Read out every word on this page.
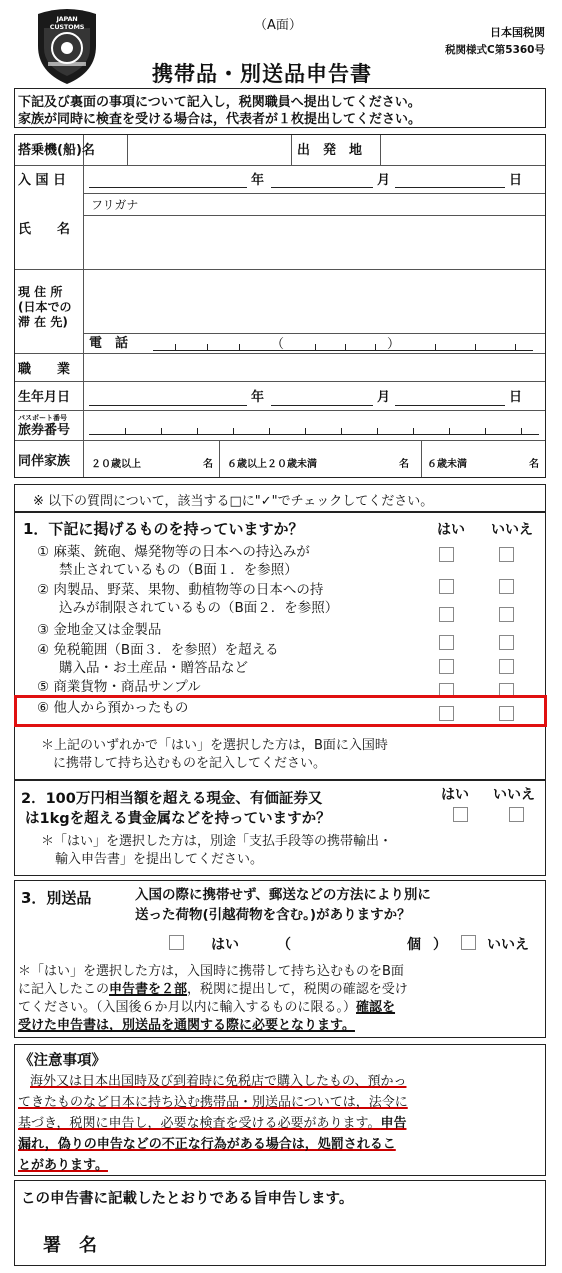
JAPAN CUSTOMS	（A面）	日本国税関
税関様式C第5360号
携帯品・別送品申告書
下記及び裏面の事項について記入し，税関職員へ提出してください。
家族が同時に検査を受ける場合は，代表者が１枚提出してください。
搭乗機(船)名	出　発　地
入 国 日	年	月	日
フリガナ
氏　　名
現 住 所
(日本での
滞 在 先)
電　話	（	）
職　　業
生年月日	年	月	日
パスポート番号
旅券番号
同伴家族 ２０歳以上	名 ６歳以上２０歳未満	名 ６歳未満	名
※ 以下の質問について，該当する□に"✓"でチェックしてください。
1．下記に掲げるものを持っていますか？	はい いいえ
① 麻薬、銃砲、爆発物等の日本への持込みが
禁止されているもの（B面１．を参照）
② 肉製品、野菜、果物、動植物等の日本への持
込みが制限されているもの（B面２．を参照）
③ 金地金又は金製品
④ 免税範囲（B面３．を参照）を超える
購入品・お土産品・贈答品など
⑤ 商業貨物・商品サンプル
⑥ 他人から預かったもの
＊上記のいずれかで「はい」を選択した方は，B面に入国時
に携帯して持ち込むものを記入してください。
2．100万円相当額を超える現金、有価証券又
は1kgを超える貴金属などを持っていますか？
はい いいえ
＊「はい」を選択した方は，別途「支払手段等の携帯輸出・
輸入申告書」を提出してください。
3．別送品	入国の際に携帯せず、郵送などの方法により別に
送った荷物(引越荷物を含む。)がありますか？
はい	（	個 ）	いいえ
＊「はい」を選択した方は，入国時に携帯して持ち込むものをB面
に記入したこの申告書を２部，税関に提出して，税関の確認を受け
てください。（入国後６か月以内に輸入するものに限る。）確認を
受けた申告書は，別送品を通関する際に必要となります。
《注意事項》
海外又は日本出国時及び到着時に免税店で購入したもの、預かっ
てきたものなど日本に持ち込む携帯品・別送品については，法令に
基づき，税関に申告し，必要な検査を受ける必要があります。申告
漏れ，偽りの申告などの不正な行為がある場合は，処罰されるこ
とがあります。
この申告書に記載したとおりである旨申告します。
署　名
